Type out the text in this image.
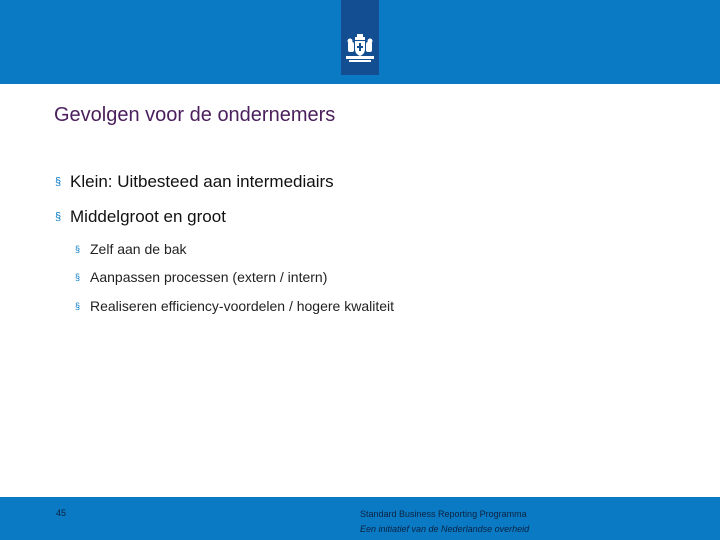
Gevolgen voor de ondernemers
§ Klein: Uitbesteed aan intermediairs
§ Middelgroot en groot
§ Zelf aan de bak
§ Aanpassen processen (extern / intern)
§ Realiseren efficiency-voordelen / hogere kwaliteit
45	Standard Business Reporting Programma
Een initiatief van de Nederlandse overheid
